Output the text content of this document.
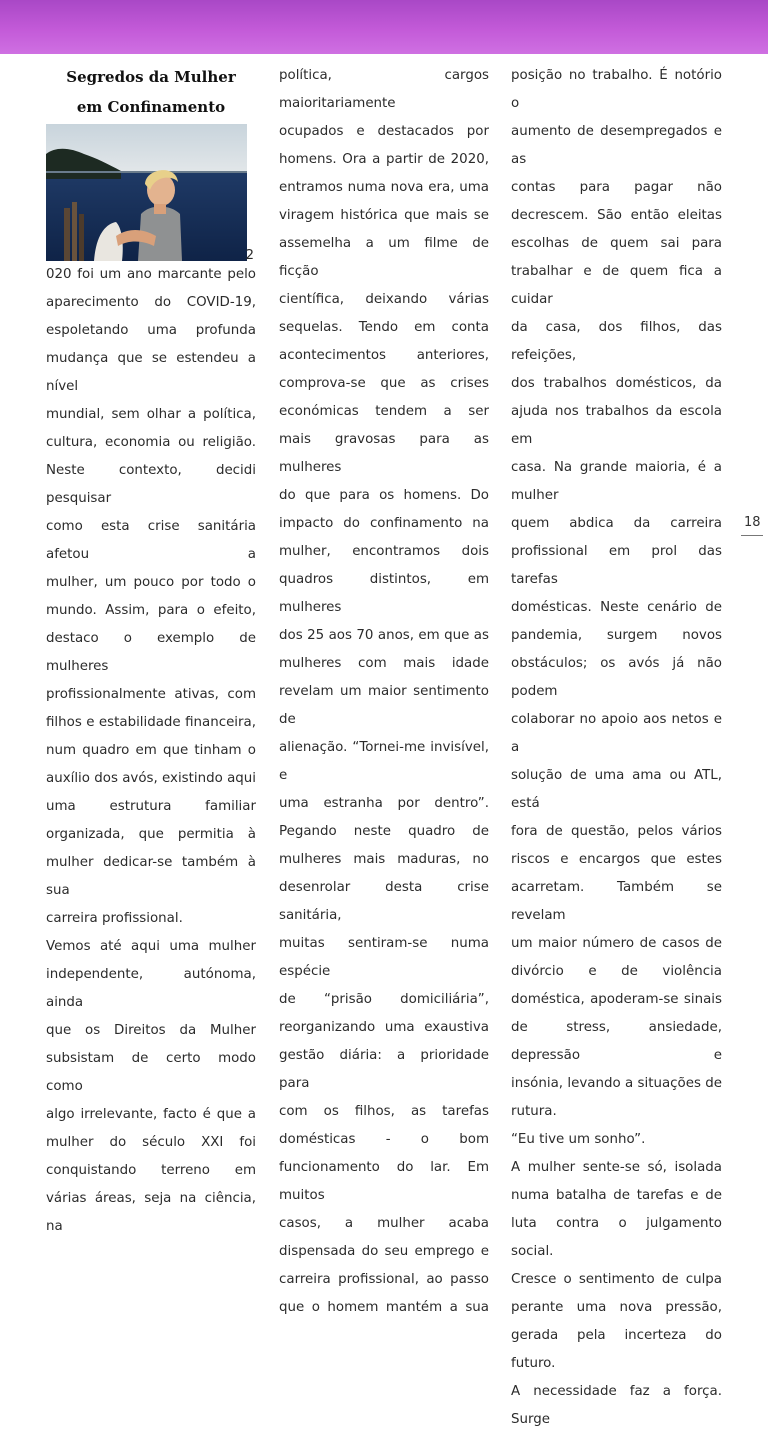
Segredos da Mulher
em Confinamento
2

020 foi um ano marcante pelo

aparecimento do COVID-19,

espoletando uma profunda

mudança que se estendeu a nível

mundial, sem olhar a política,

cultura, economia ou religião.

Neste contexto, decidi pesquisar

como esta crise sanitária afetou a

mulher, um pouco por todo o

mundo. Assim, para o efeito,

destaco o exemplo de mulheres

profissionalmente ativas, com

filhos e estabilidade financeira,

num quadro em que tinham o

auxílio dos avós, existindo aqui

uma estrutura familiar

organizada, que permitia à

mulher dedicar-se também à sua

carreira profissional.

Vemos até aqui uma mulher

independente, autónoma, ainda

que os Direitos da Mulher

subsistam de certo modo como

algo irrelevante, facto é que a

mulher do século XXI foi

conquistando terreno em

várias áreas, seja na ciência, na

política, cargos maioritariamente

ocupados e destacados por

homens. Ora a partir de 2020,

entramos numa nova era, uma

viragem histórica que mais se

assemelha a um filme de ficção

científica, deixando várias

sequelas. Tendo em conta

acontecimentos anteriores,

comprova-se que as crises

económicas tendem a ser

mais gravosas para as mulheres

do que para os homens. Do

impacto do confinamento na

mulher, encontramos dois

quadros distintos, em mulheres

dos 25 aos 70 anos, em que as

mulheres com mais idade

revelam um maior sentimento de

alienação. “Tornei-me invisível, e

uma estranha por dentro”.

Pegando neste quadro de

mulheres mais maduras, no

desenrolar desta crise sanitária,

muitas sentiram-se numa espécie

de “prisão domiciliária”,

reorganizando uma exaustiva

gestão diária: a prioridade para

com os filhos, as tarefas

domésticas - o bom

funcionamento do lar. Em muitos

casos, a mulher acaba

dispensada do seu emprego e

carreira profissional, ao passo

que o homem mantém a sua

posição no trabalho. É notório o

aumento de desempregados e as

contas para pagar não

decrescem. São então eleitas

escolhas de quem sai para

trabalhar e de quem fica a cuidar

da casa, dos filhos, das refeições,

dos trabalhos domésticos, da

ajuda nos trabalhos da escola em

casa. Na grande maioria, é a

mulher

quem abdica da carreira

profissional em prol das tarefas

domésticas. Neste cenário de

pandemia, surgem novos

obstáculos; os avós já não podem

colaborar no apoio aos netos e a

solução de uma ama ou ATL, está

fora de questão, pelos vários

riscos e encargos que estes

acarretam. Também se revelam

um maior número de casos de

divórcio e de violência

doméstica, apoderam-se sinais

de stress, ansiedade, depressão e

insónia, levando a situações de

rutura.

“Eu tive um sonho”.

A mulher sente-se só, isolada

numa batalha de tarefas e de

luta contra o julgamento social.

Cresce o sentimento de culpa

perante uma nova pressão,

gerada pela incerteza do futuro.

A necessidade faz a força. Surge

18
